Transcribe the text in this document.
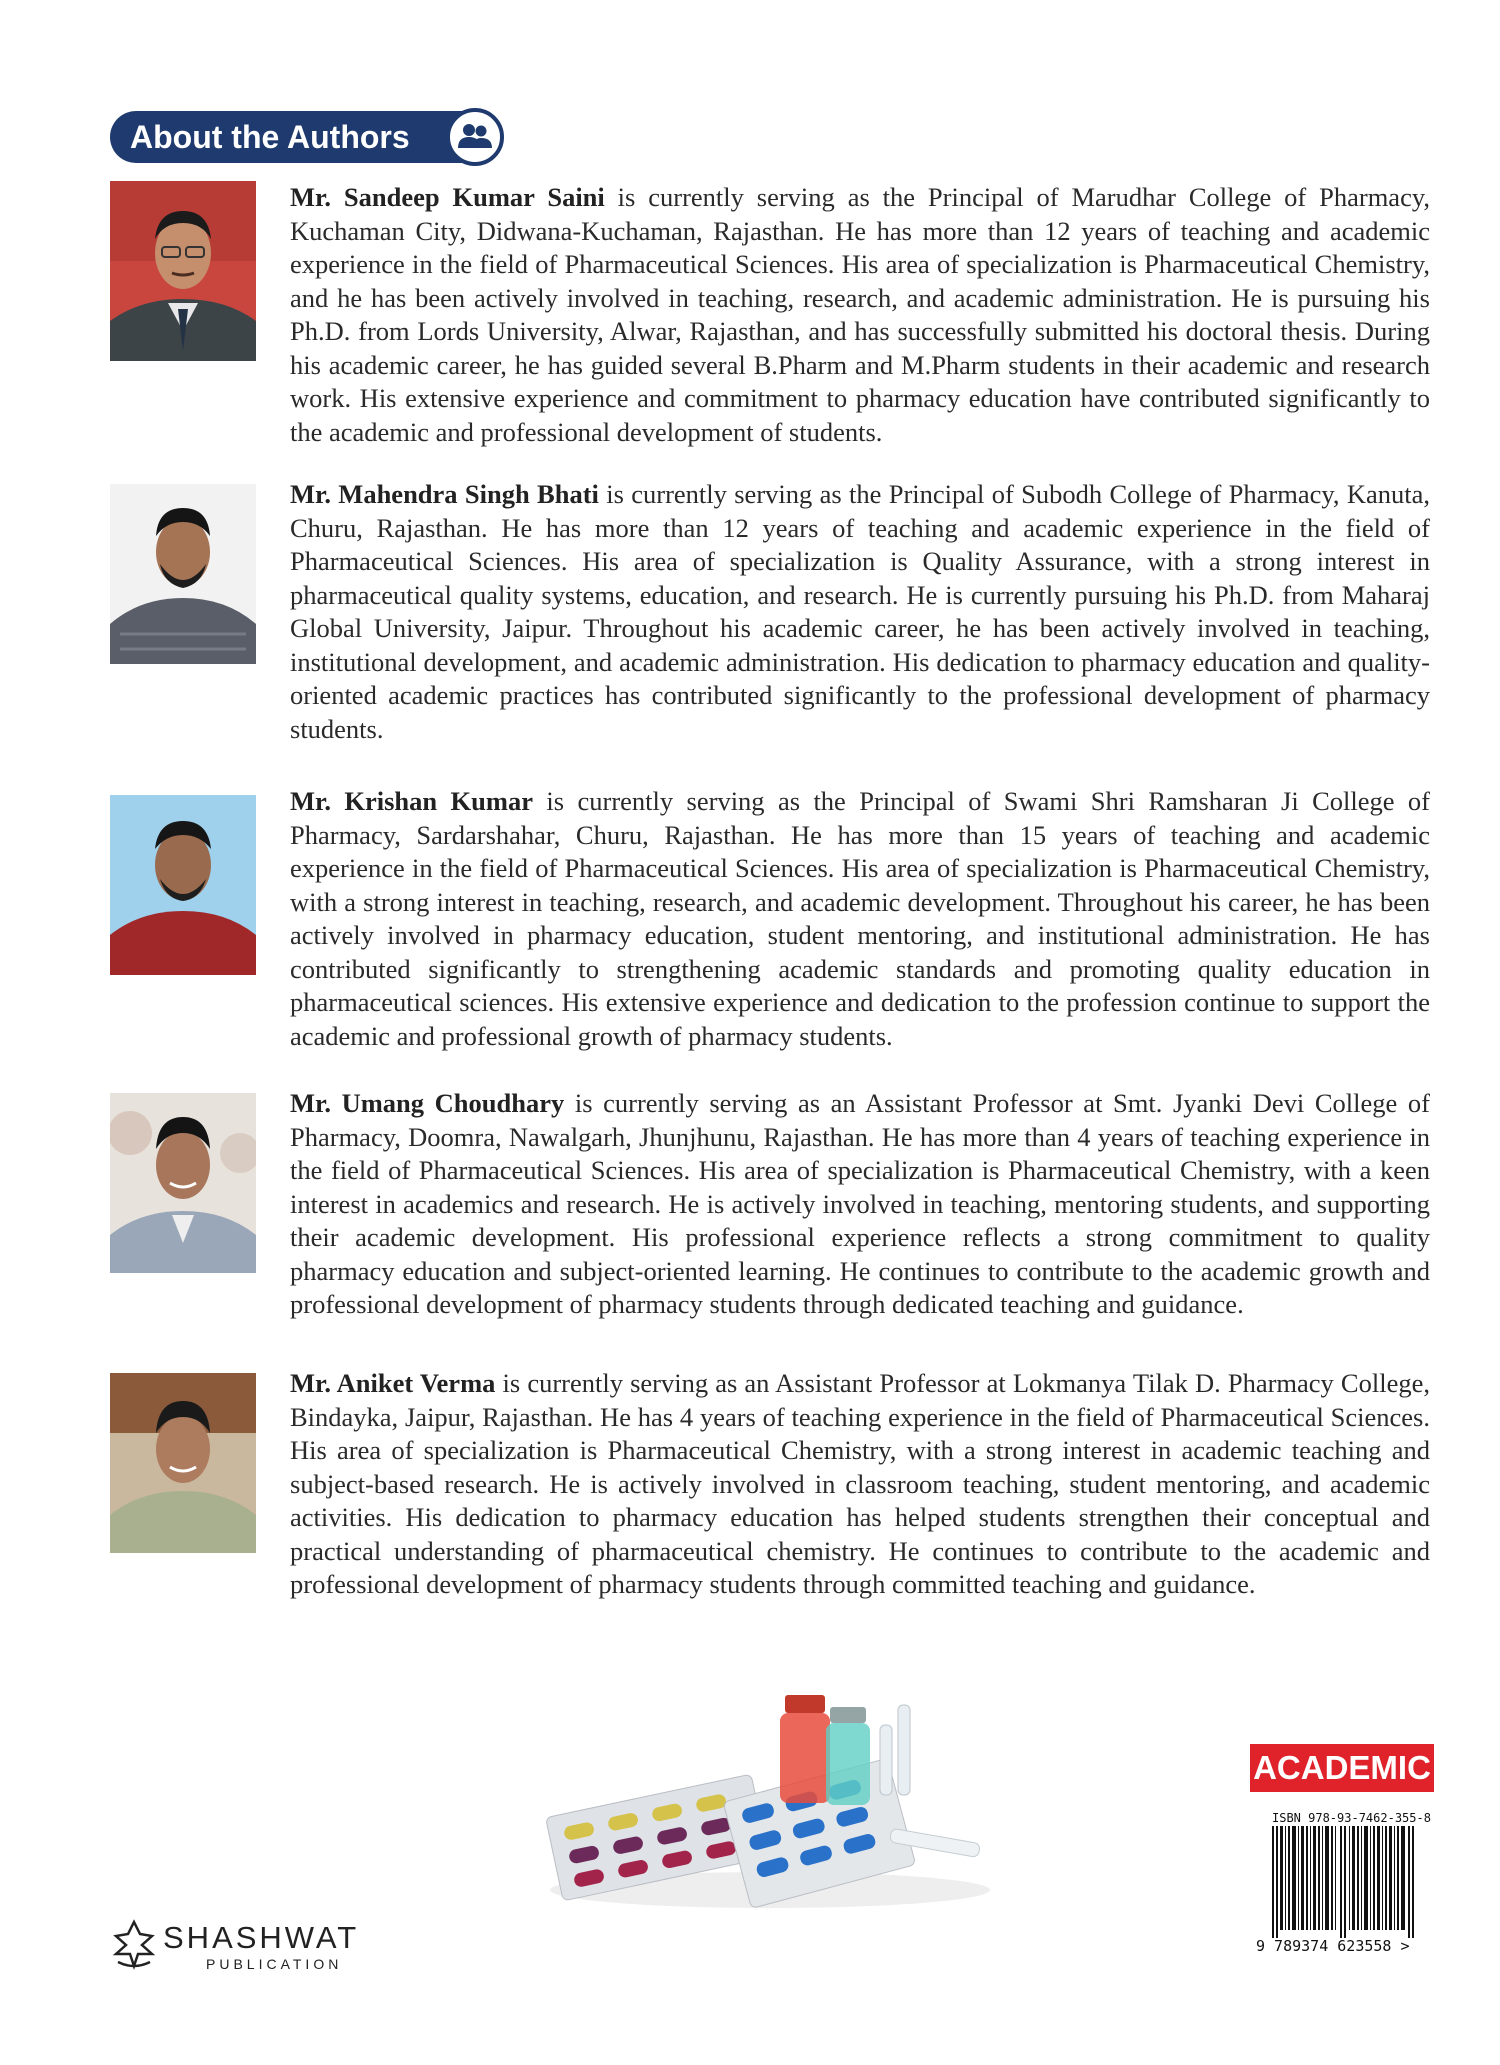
About the Authors

Mr. Sandeep Kumar Saini is currently serving as the Principal of Marudhar College of Pharmacy, Kuchaman City, Didwana-Kuchaman, Rajasthan. He has more than 12 years of teaching and academic experience in the field of Pharmaceutical Sciences. His area of specialization is Pharmaceutical Chemistry, and he has been actively involved in teaching, research, and academic administration. He is pursuing his Ph.D. from Lords University, Alwar, Rajasthan, and has successfully submitted his doctoral thesis. During his academic career, he has guided several B.Pharm and M.Pharm students in their academic and research work. His extensive experience and commitment to pharmacy education have contributed significantly to the academic and professional development of students.

Mr. Mahendra Singh Bhati is currently serving as the Principal of Subodh College of Pharmacy, Kanuta, Churu, Rajasthan. He has more than 12 years of teaching and academic experience in the field of Pharmaceutical Sciences. His area of specialization is Quality Assurance, with a strong interest in pharmaceutical quality systems, education, and research. He is currently pursuing his Ph.D. from Maharaj Global University, Jaipur. Throughout his academic career, he has been actively involved in teaching, institutional development, and academic administration. His dedication to pharmacy education and quality-oriented academic practices has contributed significantly to the professional development of pharmacy students.

Mr. Krishan Kumar is currently serving as the Principal of Swami Shri Ramsharan Ji College of Pharmacy, Sardarshahar, Churu, Rajasthan. He has more than 15 years of teaching and academic experience in the field of Pharmaceutical Sciences. His area of specialization is Pharmaceutical Chemistry, with a strong interest in teaching, research, and academic development. Throughout his career, he has been actively involved in pharmacy education, student mentoring, and institutional administration. He has contributed significantly to strengthening academic standards and promoting quality education in pharmaceutical sciences. His extensive experience and dedication to the profession continue to support the academic and professional growth of pharmacy students.

Mr. Umang Choudhary is currently serving as an Assistant Professor at Smt. Jyanki Devi College of Pharmacy, Doomra, Nawalgarh, Jhunjhunu, Rajasthan. He has more than 4 years of teaching experience in the field of Pharmaceutical Sciences. His area of specialization is Pharmaceutical Chemistry, with a keen interest in academics and research. He is actively involved in teaching, mentoring students, and supporting their academic development. His professional experience reflects a strong commitment to quality pharmacy education and subject-oriented learning. He continues to contribute to the academic growth and professional development of pharmacy students through dedicated teaching and guidance.

Mr. Aniket Verma is currently serving as an Assistant Professor at Lokmanya Tilak D. Pharmacy College, Bindayka, Jaipur, Rajasthan. He has 4 years of teaching experience in the field of Pharmaceutical Sciences. His area of specialization is Pharmaceutical Chemistry, with a strong interest in academic teaching and subject-based research. He is actively involved in classroom teaching, student mentoring, and academic activities. His dedication to pharmacy education has helped students strengthen their conceptual and practical understanding of pharmaceutical chemistry. He continues to contribute to the academic and professional development of pharmacy students through committed teaching and guidance.

SHASHWAT
PUBLICATION
ACADEMIC
ISBN 978-93-7462-355-8
9 789374 623558 >
